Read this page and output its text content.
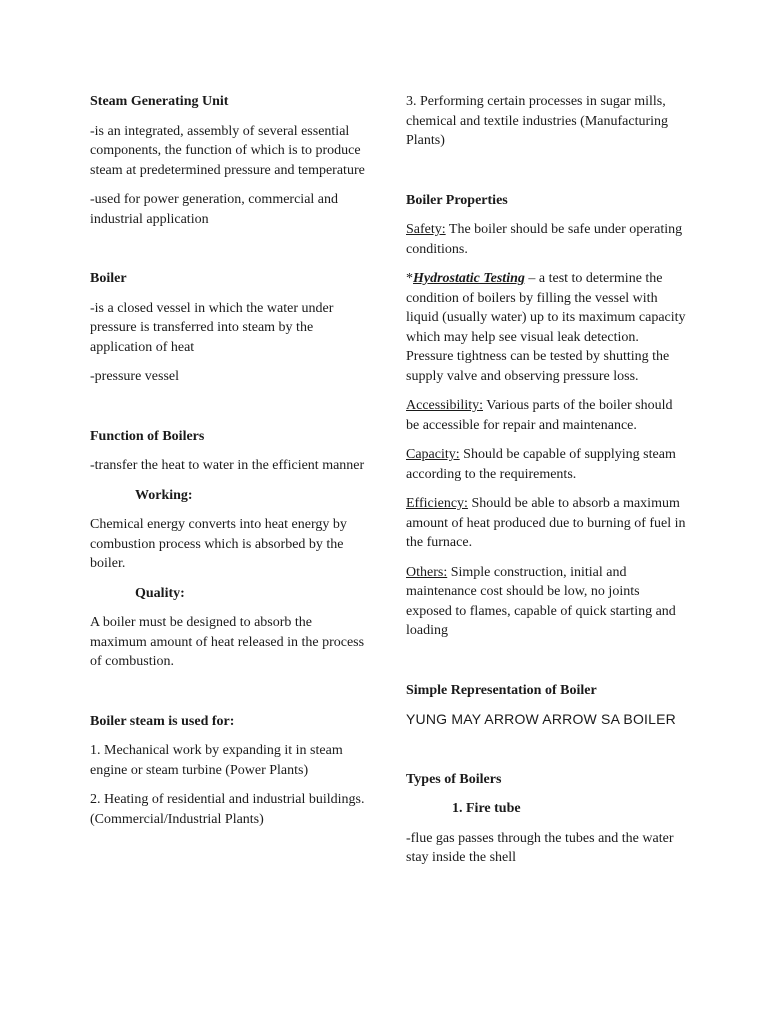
Steam Generating Unit

-is an integrated, assembly of several essential components, the function of which is to produce steam at predetermined pressure and temperature

-used for power generation, commercial and industrial application

Boiler

-is a closed vessel in which the water under pressure is transferred into steam by the application of heat

-pressure vessel

Function of Boilers

-transfer the heat to water in the efficient manner

Working:

Chemical energy converts into heat energy by combustion process which is absorbed by the boiler.

Quality:

A boiler must be designed to absorb the maximum amount of heat released in the process of combustion.

Boiler steam is used for:

1. Mechanical work by expanding it in steam engine or steam turbine (Power Plants)

2. Heating of residential and industrial buildings. (Commercial/Industrial Plants)

3. Performing certain processes in sugar mills, chemical and textile industries (Manufacturing Plants)

Boiler Properties

Safety: The boiler should be safe under operating conditions.

*Hydrostatic Testing – a test to determine the condition of boilers by filling the vessel with liquid (usually water) up to its maximum capacity which may help see visual leak detection. Pressure tightness can be tested by shutting the supply valve and observing pressure loss.

Accessibility: Various parts of the boiler should be accessible for repair and maintenance.

Capacity: Should be capable of supplying steam according to the requirements.

Efficiency: Should be able to absorb a maximum amount of heat produced due to burning of fuel in the furnace.

Others: Simple construction, initial and maintenance cost should be low, no joints exposed to flames, capable of quick starting and loading

Simple Representation of Boiler

YUNG MAY ARROW ARROW SA BOILER

Types of Boilers
1. Fire tube

-flue gas passes through the tubes and the water stay inside the shell
